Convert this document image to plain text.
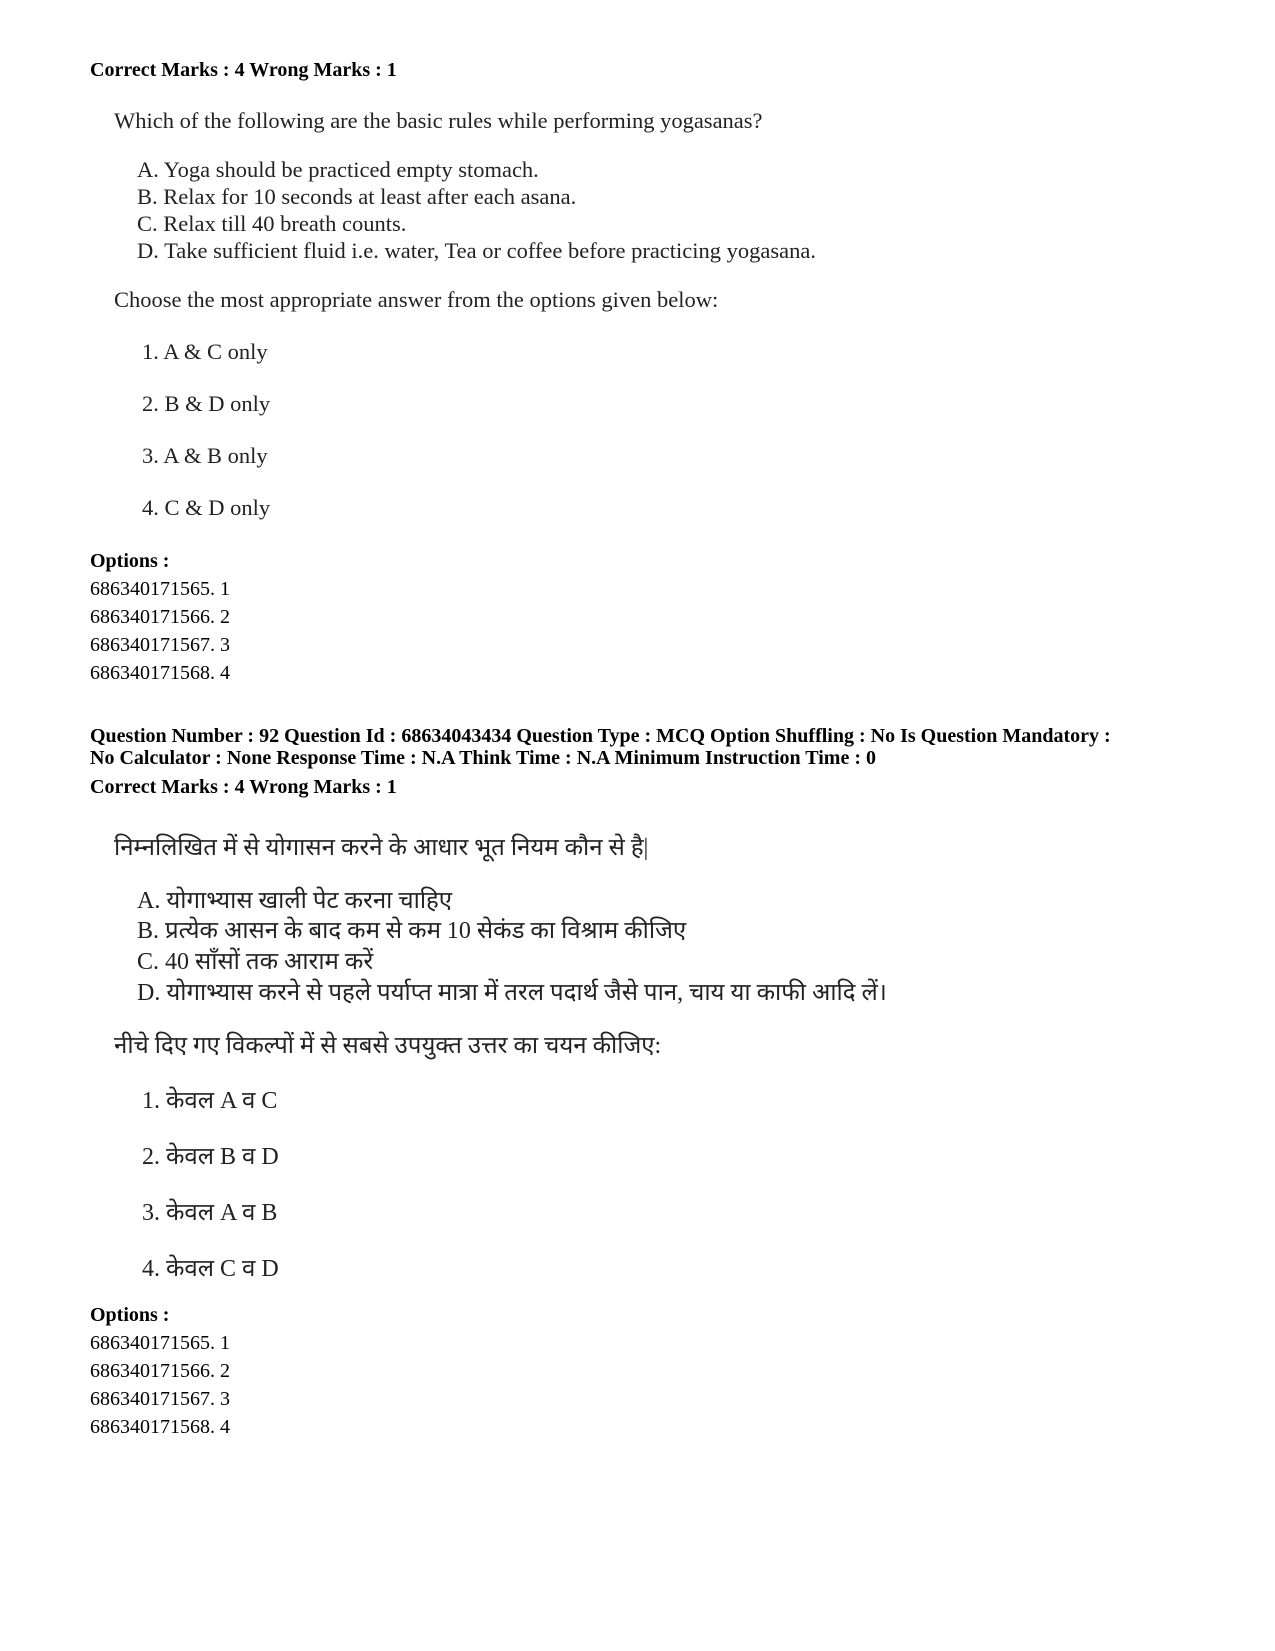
Correct Marks : 4 Wrong Marks : 1
Which of the following are the basic rules while performing yogasanas?
A. Yoga should be practiced empty stomach.
B. Relax for 10 seconds at least after each asana.
C. Relax till 40 breath counts.
D. Take sufficient fluid i.e. water, Tea or coffee before practicing yogasana.
Choose the most appropriate answer from the options given below:
1. A & C only
2. B & D only
3. A & B only
4. C & D only
Options :
686340171565. 1
686340171566. 2
686340171567. 3
686340171568. 4
Question Number : 92 Question Id : 68634043434 Question Type : MCQ Option Shuffling : No Is Question Mandatory :
No Calculator : None Response Time : N.A Think Time : N.A Minimum Instruction Time : 0
Correct Marks : 4 Wrong Marks : 1
निम्नलिखित में से योगासन करने के आधार भूत नियम कौन से है|
A. योगाभ्यास खाली पेट करना चाहिए
B. प्रत्येक आसन के बाद कम से कम 10 सेकंड का विश्राम कीजिए
C. 40 साँसों तक आराम करें
D. योगाभ्यास करने से पहले पर्याप्त मात्रा में तरल पदार्थ जैसे पान, चाय या काफी आदि लें।
नीचे दिए गए विकल्पों में से सबसे उपयुक्त उत्तर का चयन कीजिए:
1. केवल A व C
2. केवल B व D
3. केवल A व B
4. केवल C व D
Options :
686340171565. 1
686340171566. 2
686340171567. 3
686340171568. 4
